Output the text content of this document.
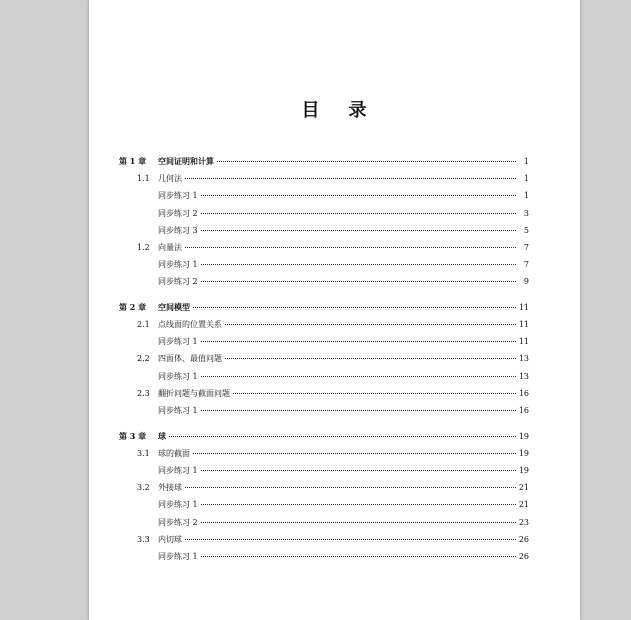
目 录
第 1 章	空间证明和计算	1
1.1	几何法	1
同步练习 1	1
同步练习 2	3
同步练习 3	5
1.2	向量法	7
同步练习 1	7
同步练习 2	9
第 2 章	空间模型	11
2.1	点线面的位置关系	11
同步练习 1	11
2.2	四面体、最值问题	13
同步练习 1	13
2.3	翻折问题与截面问题	16
同步练习 1	16
第 3 章	球	19
3.1	球的截面	19
同步练习 1	19
3.2	外接球	21
同步练习 1	21
同步练习 2	23
3.3	内切球	26
同步练习 1	26
